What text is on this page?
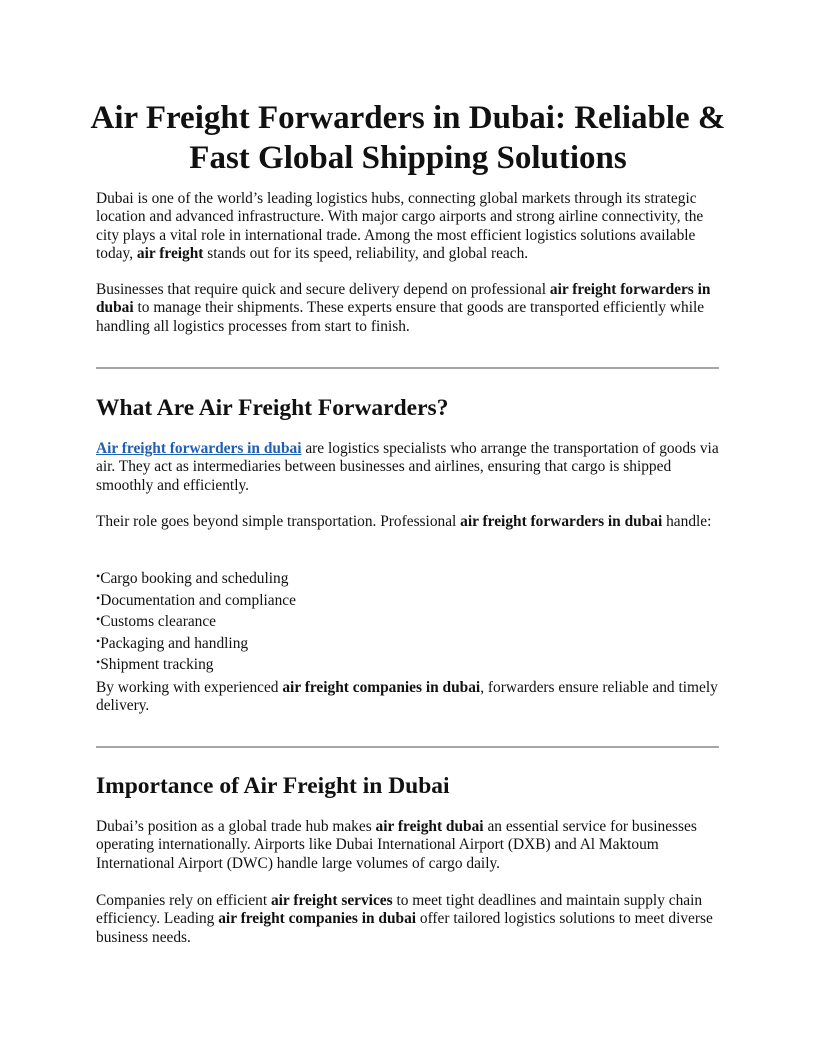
Air Freight Forwarders in Dubai: Reliable & Fast Global Shipping Solutions

Dubai is one of the world’s leading logistics hubs, connecting global markets through its strategic location and advanced infrastructure. With major cargo airports and strong airline connectivity, the city plays a vital role in international trade. Among the most efficient logistics solutions available today, air freight stands out for its speed, reliability, and global reach.

Businesses that require quick and secure delivery depend on professional air freight forwarders in dubai to manage their shipments. These experts ensure that goods are transported efficiently while handling all logistics processes from start to finish.

What Are Air Freight Forwarders?

Air freight forwarders in dubai are logistics specialists who arrange the transportation of goods via air. They act as intermediaries between businesses and airlines, ensuring that cargo is shipped smoothly and efficiently.

Their role goes beyond simple transportation. Professional air freight forwarders in dubai handle:

•Cargo booking and scheduling
•Documentation and compliance
•Customs clearance
•Packaging and handling
•Shipment tracking

By working with experienced air freight companies in dubai, forwarders ensure reliable and timely delivery.

Importance of Air Freight in Dubai

Dubai’s position as a global trade hub makes air freight dubai an essential service for businesses operating internationally. Airports like Dubai International Airport (DXB) and Al Maktoum International Airport (DWC) handle large volumes of cargo daily.

Companies rely on efficient air freight services to meet tight deadlines and maintain supply chain efficiency. Leading air freight companies in dubai offer tailored logistics solutions to meet diverse business needs.
